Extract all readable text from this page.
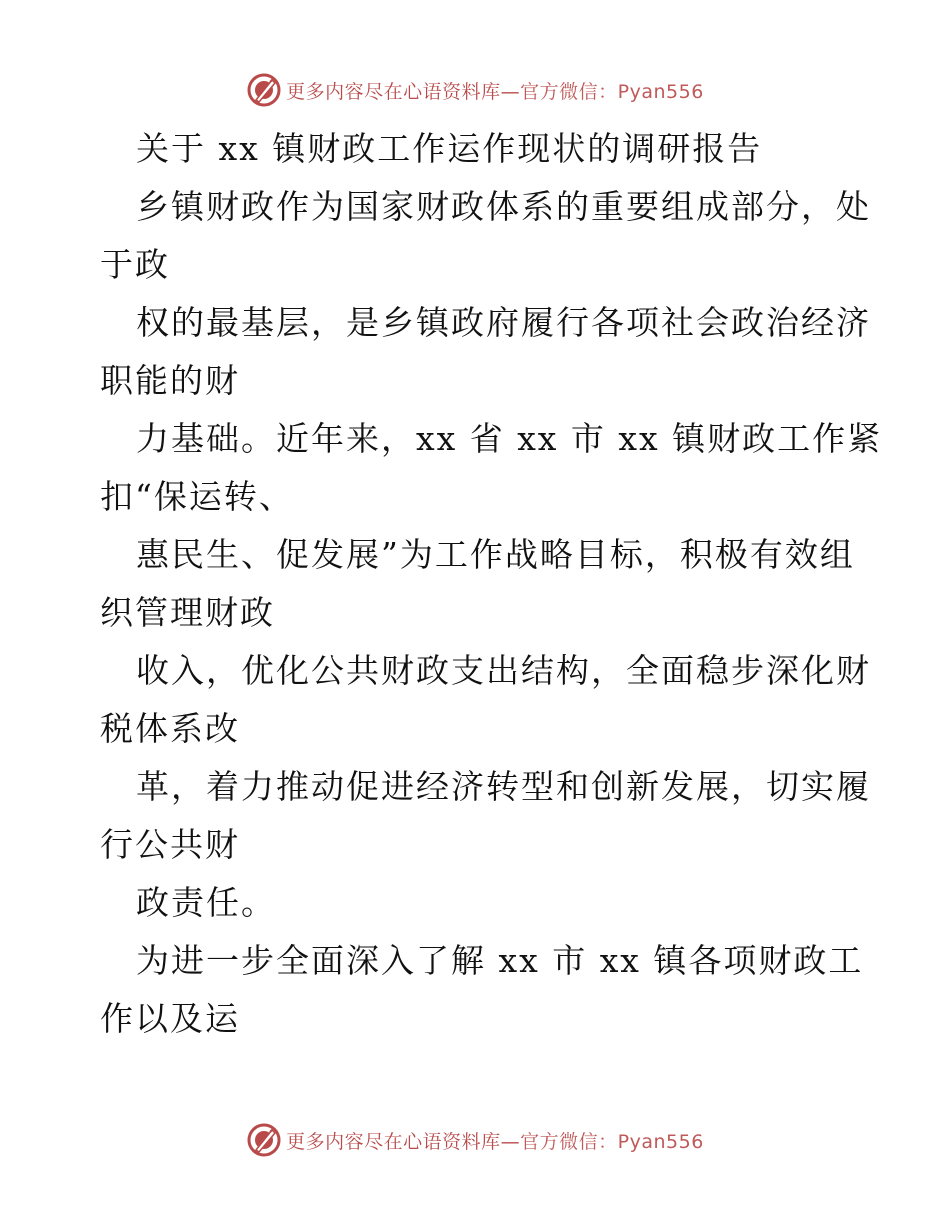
更多内容尽在心语资料库—官方微信：Pyan556
关于 xx 镇财政工作运作现状的调研报告
乡镇财政作为国家财政体系的重要组成部分，处
于政
权的最基层，是乡镇政府履行各项社会政治经济
职能的财
力基础。近年来，xx 省 xx 市 xx 镇财政工作紧
扣“保运转、
惠民生、促发展”为工作战略目标，积极有效组
织管理财政
收入，优化公共财政支出结构，全面稳步深化财
税体系改
革，着力推动促进经济转型和创新发展，切实履
行公共财
政责任。
为进一步全面深入了解 xx 市 xx 镇各项财政工
作以及运
更多内容尽在心语资料库—官方微信：Pyan556
